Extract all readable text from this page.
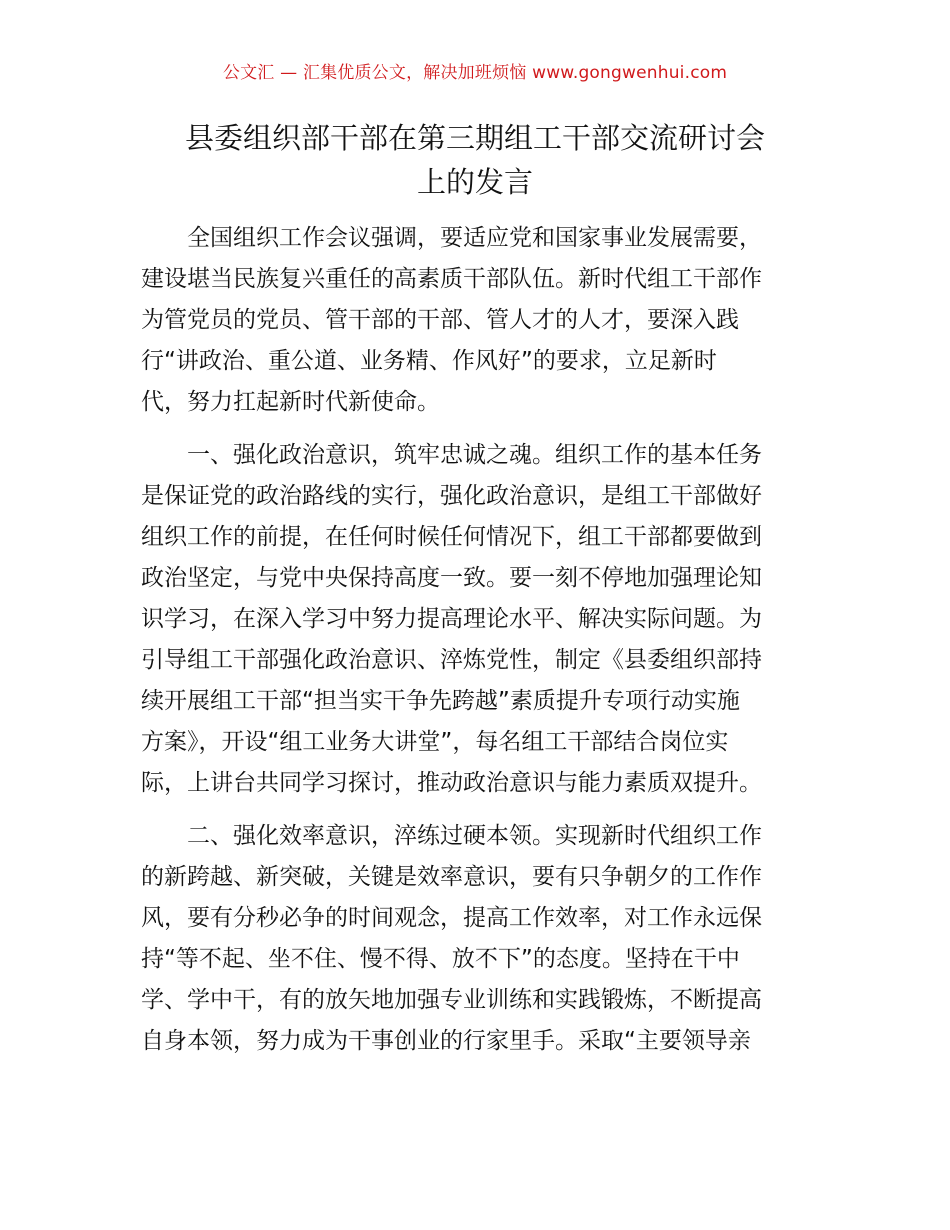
公文汇 — 汇集优质公文，解决加班烦恼 www.gongwenhui.com
县委组织部干部在第三期组工干部交流研讨会
上的发言

全国组织工作会议强调，要适应党和国家事业发展需要，
建设堪当民族复兴重任的高素质干部队伍。新时代组工干部作
为管党员的党员、管干部的干部、管人才的人才，要深入践
行“讲政治、重公道、业务精、作风好”的要求，立足新时
代，努力扛起新时代新使命。

一、强化政治意识，筑牢忠诚之魂。组织工作的基本任务
是保证党的政治路线的实行，强化政治意识，是组工干部做好
组织工作的前提，在任何时候任何情况下，组工干部都要做到
政治坚定，与党中央保持高度一致。要一刻不停地加强理论知
识学习，在深入学习中努力提高理论水平、解决实际问题。为
引导组工干部强化政治意识、淬炼党性，制定《县委组织部持
续开展组工干部“担当实干争先跨越”素质提升专项行动实施
方案》，开设“组工业务大讲堂”，每名组工干部结合岗位实
际，上讲台共同学习探讨，推动政治意识与能力素质双提升。

二、强化效率意识，淬练过硬本领。实现新时代组织工作
的新跨越、新突破，关键是效率意识，要有只争朝夕的工作作
风，要有分秒必争的时间观念，提高工作效率，对工作永远保
持“等不起、坐不住、慢不得、放不下”的态度。坚持在干中
学、学中干，有的放矢地加强专业训练和实践锻炼，不断提高
自身本领，努力成为干事创业的行家里手。采取“主要领导亲
